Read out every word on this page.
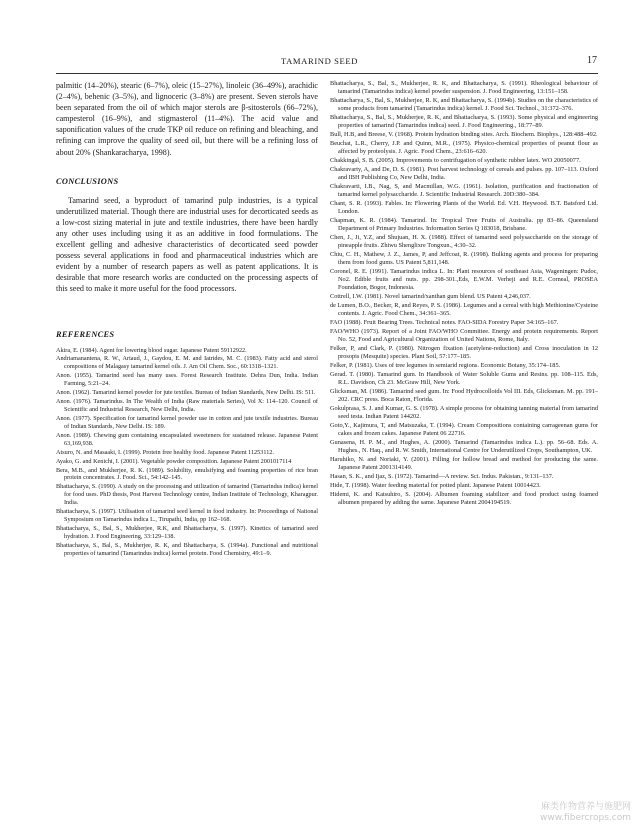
TAMARIND SEED	17

palmitic (14–20%), stearic (6–7%), oleic (15–27%), linoleic (36–49%), arachidic (2–4%), behenic (3–5%), and lignoceric (3–8%) are present. Seven sterols have been separated from the oil of which major sterols are β-sitosterols (66–72%), campesterol (16–9%), and stigmasterol (11–4%). The acid value and saponification values of the crude TKP oil reduce on refining and bleaching, and refining can improve the quality of seed oil, but there will be a refining loss of about 20% (Shankaracharya, 1998).

CONCLUSIONS

Tamarind seed, a byproduct of tamarind pulp industries, is a typical underutilized material. Though there are industrial uses for decorticated seeds as a low-cost sizing material in jute and textile industries, there have been hardly any other uses including using it as an additive in food formulations. The excellent gelling and adhesive characteristics of decorticated seed powder possess several applications in food and pharmaceutical industries which are evident by a number of research papers as well as patent applications. It is desirable that more research works are conducted on the processing aspects of this seed to make it more useful for the food processors.

REFERENCES

Akira, E. (1984). Agent for lowering blood sugar. Japanese Patent 59112922.
Andriamanantena, R. W., Artaud, J., Gaydou, E. M. and Iatrides, M. C. (1983). Fatty acid and sterol compositions of Malagasy tamarind kernel oils. J. Am Oil Chem. Soc., 60:1318–1321.
Anon. (1955). Tamarind seed has many uses. Forest Research Institute. Dehra Dun, India. Indian Farming, 5:21–24.
Anon. (1962). Tamarind kernel powder for jute textiles. Bureau of Indian Standards, New Delhi. IS: 511.
Anon. (1976). Tamarindus. In The Wealth of India (Raw materials Series), Vol X: 114–120. Council of Scientific and Industrial Research, New Delhi, India.
Anon. (1977). Specification for tamarind kernel powder use in cotton and jute textile industries. Bureau of Indian Standards, New Delhi. IS: 189.
Anon. (1989). Chewing gum containing encapsulated sweeteners for sustained release. Japanese Patent 63,169,938.
Atsuro, N. and Masaaki, I. (1999). Protein free healthy food. Japanese Patent 11253112.
Ayako, G. and Kenichi, I. (2001). Vegetable powder composition. Japanese Patent 2001017114
Bera, M.B., and Mukherjee, R. K. (1989). Solubility, emulsifying and foaming properties of rice bran protein concentrates. J. Food. Sci., 54:142–145.
Bhattacharya, S. (1990). A study on the processing and utilization of tamarind (Tamarindus indica) kernel for food uses. PhD thesis, Post Harvest Technology centre, Indian Institute of Technology, Kharagpur. India.
Bhattacharya, S. (1997). Utilisation of tamarind seed kernel in food industry. In: Proceedings of National Symposium on Tamarindus indica L., Tirupathi, India, pp 162–168.
Bhattacharya, S., Bal, S., Mukherjee, R.K, and Bhattacharya, S. (1997). Kinetics of tamarind seed hydration. J. Food Engineering, 33:129–138.
Bhattacharya, S., Bal, S., Mukherjee, R. K, and Bhattacharya, S. (1994a). Functional and nutritional properties of tamarind (Tamarindus indica) kernel protein. Food Chemistry, 49:1–9.
Bhattacharya, S., Bal, S., Mukherjee, R. K, and Bhattacharya, S. (1991). Rheological behaviour of tamarind (Tamarindus indica) kernel powder suspension. J. Food Engineering, 13:151–158.
Bhattacharya, S., Bal, S., Mukherjee, R. K, and Bhattacharya, S. (1994b). Studies on the characteristics of some products from tamarind (Tamarindus indica) kernel. J. Food Sci. Technol., 31:372–376.
Bhattacharya, S., Bal, S., Mukherjee, R. K, and Bhattacharya, S. (1993). Some physical and engineering properties of tamarind (Tamarindus indica) seed. J. Food Engineering., 18:77–89.
Bull, H.B, and Breese, V. (1968). Protein hydration binding sites. Arch. Biochem. Biophys., 128:488–492.
Beuchat, L.R., Cherry, J.P. and Quinn, M.R., (1975). Physico-chemical properties of peanut flour as affected by proteolysis. J. Agric. Food Chem., 23:616–620.
Chakkingal, S. B. (2005). Improvements to centrifugation of synthetic rubber latex. WO 20050077.
Chakravarty, A, and De, D. S. (1981). Post harvest technology of cereals and pulses. pp. 107–113. Oxford and IBH Publishing Co, New Delhi, India.
Chakravarti, I.B., Nag, S, and Macmillan, W.G. (1961). Isolation, purification and fractionation of tamarind kernel polysaccharide. J. Scientific Industrial Research. 20D:380–384.
Chant, S. R. (1993). Fables. In: Flowering Plants of the World. Ed. V.H. Heywood. B.T. Batsford Ltd. London.
Chapman, K. R. (1984). Tamarind. In: Tropical Tree Fruits of Australia. pp 83–86. Queensland Department of Primary Industries. Information Series Q 183018, Brisbane.
Chen, J., Ji, Y.Z, and Shujuan, H. X. (1988). Effect of tamarind seed polysaccharide on the storage of pineapple fruits. Zhiwu Shenglixre Tongxun., 4:30–32.
Chiu, C. H., Mathew, J. Z., James, P, and Jeffcoat, R. (1998). Bulking agents and process for preparing them from food gums. US Patent 5,811,148.
Coronel, R. E. (1991). Tamarindus indica L. In: Plant resources of southeast Asia, Wageningen: Pudoc, No2. Edible fruits and nuts. pp. 298-301.,Eds, E.W.M. Verheji and R.E. Corneal, PROSEA Foundation, Bogor, Indonesia.
Cottrell, I.W. (1981). Novel tamarind/xanthan gum blend. US Patent 4,246,037.
de Lumen, B.O., Becker, R, and Reyes, P. S. (1986). Legumes and a cereal with high Methionine/Cysteine contents. J. Agric. Food Chem., 34:361–365.
FAO (1988). Fruit Bearing Trees. Technical notes. FAO-SIDA Forestry Paper 34:165–167.
FAO/WHO (1973). Report of a Joint FAO/WHO Committee. Energy and protein requirements. Report No. 52, Food and Agricultural Organization of United Nations, Rome, Italy.
Felker, P, and Clark, P. (1980). Nitrogen fixation (acetylene-reduction) and Cross inoculation in 12 prosopis (Mesquite) species. Plant Soil, 57:177–185.
Felker, P. (1981). Uses of tree legumes in semiarid regions. Economic Botany, 35:174–185.
Gerad. T. (1980). Tamarind gum. In Handbook of Water Soluble Gums and Resins. pp. 108–115. Eds, R.L. Davidson, Ch 23. McGraw Hill, New York.
Glicksman, M. (1986). Tamarind seed gum. In: Food Hydrocolloids Vol III. Eds, Glicksman. M. pp. 191–202. CRC press. Boca Raton, Florida.
Gokulprasa, S. J. and Kumar, G. S. (1978). A simple process for obtaining tanning material from tamarind seed testa. Indian Patent 144202.
Goto,Y., Kajimura, T, and Matsuzaka, T. (1994). Cream Compositions containing carrageenan gums for cakes and frozen cakes. Japanese Patent 06 22716.
Gunasena, H. P. M., and Hughes, A. (2000). Tamarind (Tamarindus indica L.). pp. 56–68. Eds. A. Hughes., N. Haq., and R. W. Smith, International Centre for Underutilized Crops, Southampton, UK.
Haruhiko, N. and Noriaki, Y. (2001). Filling for hollow bread and method for producing the same. Japanese Patent 2001314149.
Hasan, S. K., and Ijaz, S. (1972). Tamarind—A review. Sci. Indus. Pakistan., 9:131–137.
Hide, T. (1998). Water feeding material for potted plant. Japanese Patent 10014423.
Hidemi, K. and Katsuhiro, S. (2004). Albumen foaming stabilizer and food product using foamed albumen prepared by adding the same. Japanese Patent 2004194519.
麻类作物营养与施肥网
www.fibercrops.com
